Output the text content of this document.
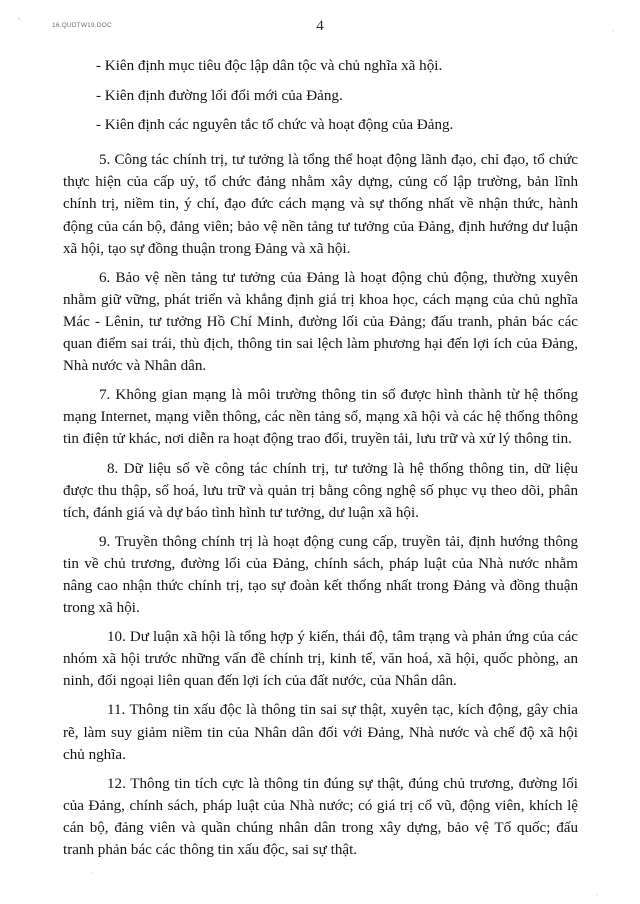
16.QUDTW19.DOC	4

- Kiên định mục tiêu độc lập dân tộc và chủ nghĩa xã hội.

- Kiên định đường lối đổi mới của Đảng.

- Kiên định các nguyên tắc tổ chức và hoạt động của Đảng.

5. Công tác chính trị, tư tưởng là tổng thể hoạt động lãnh đạo, chỉ đạo, tổ chức thực hiện của cấp uỷ, tổ chức đảng nhằm xây dựng, củng cố lập trường, bản lĩnh chính trị, niềm tin, ý chí, đạo đức cách mạng và sự thống nhất về nhận thức, hành động của cán bộ, đảng viên; bảo vệ nền tảng tư tưởng của Đảng, định hướng dư luận xã hội, tạo sự đồng thuận trong Đảng và xã hội.

6. Bảo vệ nền tảng tư tưởng của Đảng là hoạt động chủ động, thường xuyên nhằm giữ vững, phát triển và khẳng định giá trị khoa học, cách mạng của chủ nghĩa Mác - Lênin, tư tưởng Hồ Chí Minh, đường lối của Đảng; đấu tranh, phản bác các quan điểm sai trái, thù địch, thông tin sai lệch làm phương hại đến lợi ích của Đảng, Nhà nước và Nhân dân.

7. Không gian mạng là môi trường thông tin số được hình thành từ hệ thống mạng Internet, mạng viễn thông, các nền tảng số, mạng xã hội và các hệ thống thông tin điện tử khác, nơi diễn ra hoạt động trao đổi, truyền tải, lưu trữ và xử lý thông tin.

8. Dữ liệu số về công tác chính trị, tư tưởng là hệ thống thông tin, dữ liệu được thu thập, số hoá, lưu trữ và quản trị bằng công nghệ số phục vụ theo dõi, phân tích, đánh giá và dự báo tình hình tư tưởng, dư luận xã hội.

9. Truyền thông chính trị là hoạt động cung cấp, truyền tải, định hướng thông tin về chủ trương, đường lối của Đảng, chính sách, pháp luật của Nhà nước nhằm nâng cao nhận thức chính trị, tạo sự đoàn kết thống nhất trong Đảng và đồng thuận trong xã hội.

10. Dư luận xã hội là tổng hợp ý kiến, thái độ, tâm trạng và phản ứng của các nhóm xã hội trước những vấn đề chính trị, kinh tế, văn hoá, xã hội, quốc phòng, an ninh, đối ngoại liên quan đến lợi ích của đất nước, của Nhân dân.

11. Thông tin xấu độc là thông tin sai sự thật, xuyên tạc, kích động, gây chia rẽ, làm suy giảm niềm tin của Nhân dân đối với Đảng, Nhà nước và chế độ xã hội chủ nghĩa.

12. Thông tin tích cực là thông tin đúng sự thật, đúng chủ trương, đường lối của Đảng, chính sách, pháp luật của Nhà nước; có giá trị cổ vũ, động viên, khích lệ cán bộ, đảng viên và quần chúng nhân dân trong xây dựng, bảo vệ Tổ quốc; đấu tranh phản bác các thông tin xấu độc, sai sự thật.
